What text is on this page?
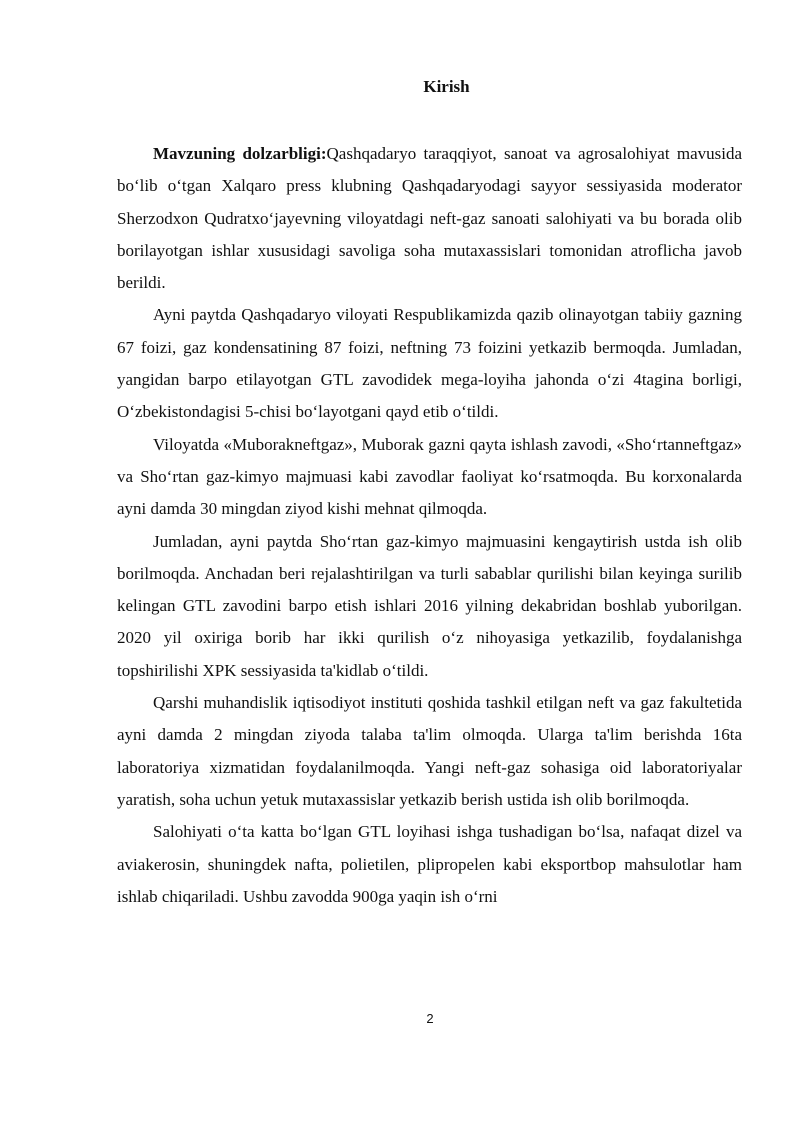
Kirish

Mavzuning dolzarbligi:Qashqadaryo taraqqiyot, sanoat va agrosalohiyat mavusida bo‘lib o‘tgan Xalqaro press klubning Qashqadaryodagi sayyor sessiyasida moderator Sherzodxon Qudratxo‘jayevning viloyatdagi neft-gaz sanoati salohiyati va bu borada olib borilayotgan ishlar xususidagi savoliga soha mutaxassislari tomonidan atroflicha javob berildi.

Ayni paytda Qashqadaryo viloyati Respublikamizda qazib olinayotgan tabiiy gazning 67 foizi, gaz kondensatining 87 foizi, neftning 73 foizini yetkazib bermoqda. Jumladan, yangidan barpo etilayotgan GTL zavodidek mega-loyiha jahonda o‘zi 4tagina borligi, O‘zbekistondagisi 5-chisi bo‘layotgani qayd etib o‘tildi.

Viloyatda «Muborakneftgaz», Muborak gazni qayta ishlash zavodi, «Sho‘rtanneftgaz» va Sho‘rtan gaz-kimyo majmuasi kabi zavodlar faoliyat ko‘rsatmoqda. Bu korxonalarda ayni damda 30 mingdan ziyod kishi mehnat qilmoqda.

Jumladan, ayni paytda Sho‘rtan gaz-kimyo majmuasini kengaytirish ustda ish olib borilmoqda. Anchadan beri rejalashtirilgan va turli sabablar qurilishi bilan keyinga surilib kelingan GTL zavodini barpo etish ishlari 2016 yilning dekabridan boshlab yuborilgan. 2020 yil oxiriga borib har ikki qurilish o‘z nihoyasiga yetkazilib, foydalanishga topshirilishi XPK sessiyasida ta'kidlab o‘tildi.

Qarshi muhandislik iqtisodiyot instituti qoshida tashkil etilgan neft va gaz fakultetida ayni damda 2 mingdan ziyoda talaba ta'lim olmoqda. Ularga ta'lim berishda 16ta laboratoriya xizmatidan foydalanilmoqda. Yangi neft-gaz sohasiga oid laboratoriyalar yaratish, soha uchun yetuk mutaxassislar yetkazib berish ustida ish olib borilmoqda.

Salohiyati o‘ta katta bo‘lgan GTL loyihasi ishga tushadigan bo‘lsa, nafaqat dizel va aviakerosin, shuningdek nafta, polietilen, plipropelen kabi eksportbop mahsulotlar ham ishlab chiqariladi. Ushbu zavodda 900ga yaqin ish o‘rni

2
